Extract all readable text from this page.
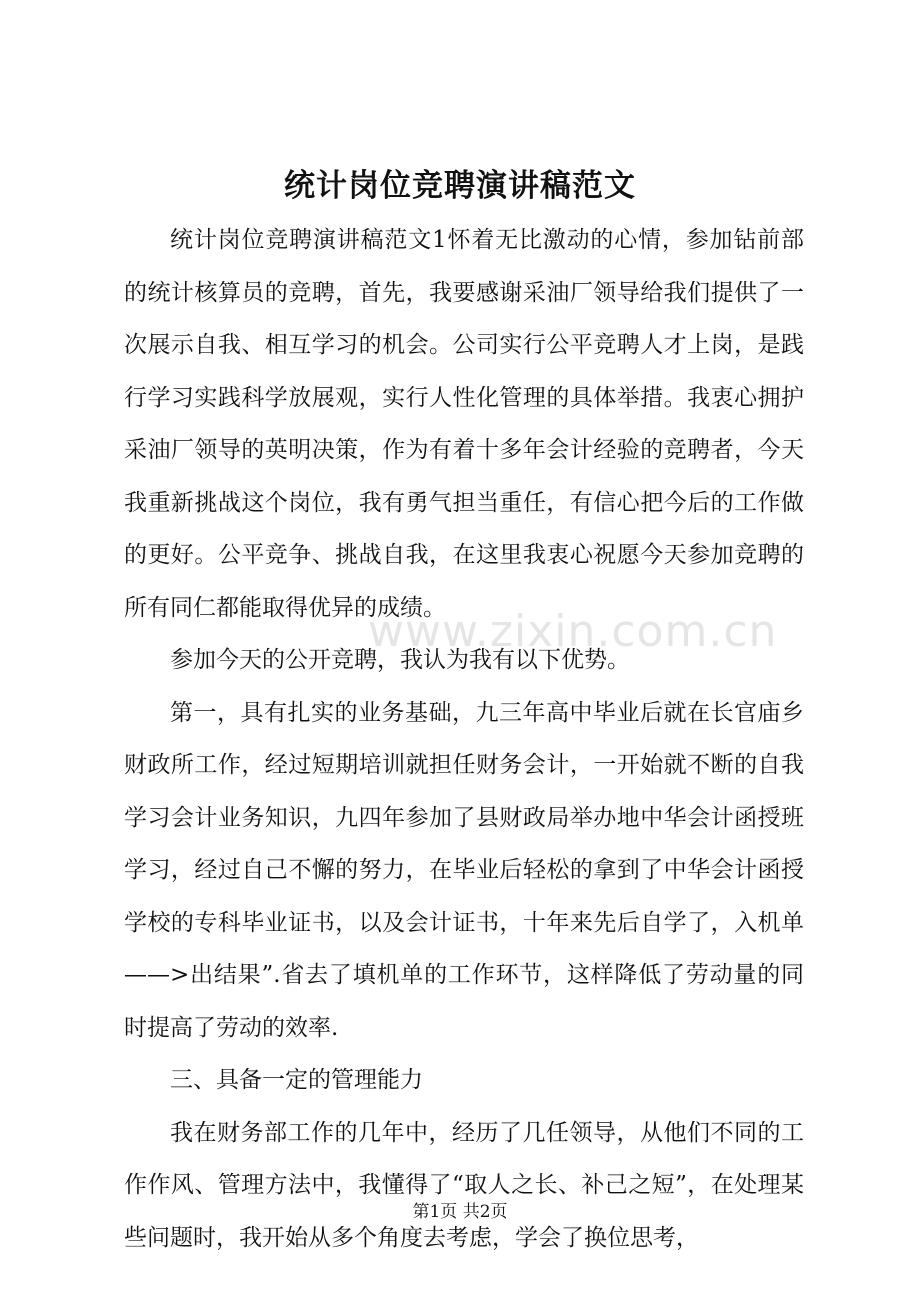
统计岗位竞聘演讲稿范文

统计岗位竞聘演讲稿范文1怀着无比激动的心情，参加钻前部的统计核算员的竞聘，首先，我要感谢采油厂领导给我们提供了一次展示自我、相互学习的机会。公司实行公平竞聘人才上岗，是践行学习实践科学放展观，实行人性化管理的具体举措。我衷心拥护采油厂领导的英明决策，作为有着十多年会计经验的竞聘者，今天我重新挑战这个岗位，我有勇气担当重任，有信心把今后的工作做的更好。公平竞争、挑战自我，在这里我衷心祝愿今天参加竞聘的所有同仁都能取得优异的成绩。

参加今天的公开竞聘，我认为我有以下优势。

第一，具有扎实的业务基础，九三年高中毕业后就在长官庙乡财政所工作，经过短期培训就担任财务会计，一开始就不断的自我学习会计业务知识，九四年参加了县财政局举办地中华会计函授班学习，经过自己不懈的努力，在毕业后轻松的拿到了中华会计函授学校的专科毕业证书，以及会计证书，十年来先后自学了，入机单——>出结果”.省去了填机单的工作环节，这样降低了劳动量的同时提高了劳动的效率.

三、具备一定的管理能力

我在财务部工作的几年中，经历了几任领导，从他们不同的工作作风、管理方法中，我懂得了“取人之长、补己之短”，在处理某些问题时，我开始从多个角度去考虑，学会了换位思考，

www.zixin.com.cn
第1页 共2页
